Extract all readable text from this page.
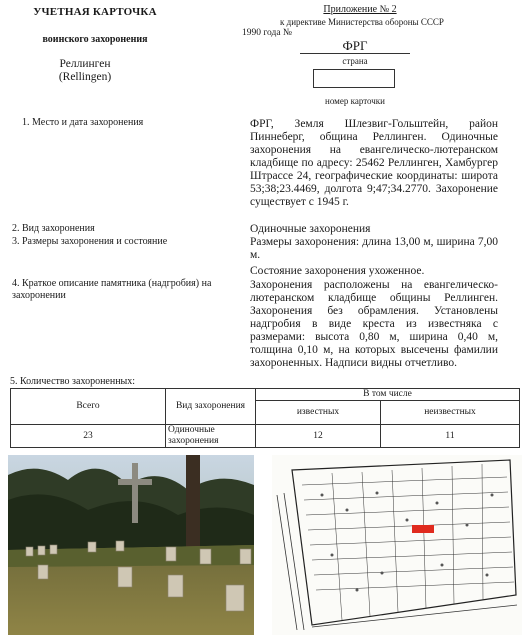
УЧЕТНАЯ КАРТОЧКА
воинского захоронения
Приложение № 2
к директиве Министерства обороны СССР
1990 года №
ФРГ
страна
номер карточки
Реллинген
(Rellingen)
1. Место и дата захоронения	ФРГ, Земля Шлезвиг-Гольштейн, район Пиннеберг, община Реллинген. Одиночные захоронения на евангелическо-лютеранском кладбище по адресу: 25462 Реллинген, Хамбургер Штрассе 24, географические координаты: широта 53;38;23.4469, долгота 9;47;34.2770. Захоронение существует с 1945 г.
2. Вид захоронения	Одиночные захоронения
3. Размеры захоронения и состояние	Размеры захоронения: длина 13,00 м, ширина 7,00 м.
Состояние захоронения ухоженное.
4. Краткое описание памятника (надгробия) на захоронении
Захоронения расположены на евангелическо-лютеранском кладбище общины Реллинген. Захоронения без обрамления. Установлены надгробия в виде креста из известняка с размерами: высота 0,80 м, ширина 0,40 м, толщина 0,10 м, на которых высечены фамилии захороненных. Надписи видны отчетливо.
5. Количество захороненных:
Всего	Вид захоронения	В том числе	
		известных	неизвестных
23	Одиночные захоронения	12	11
